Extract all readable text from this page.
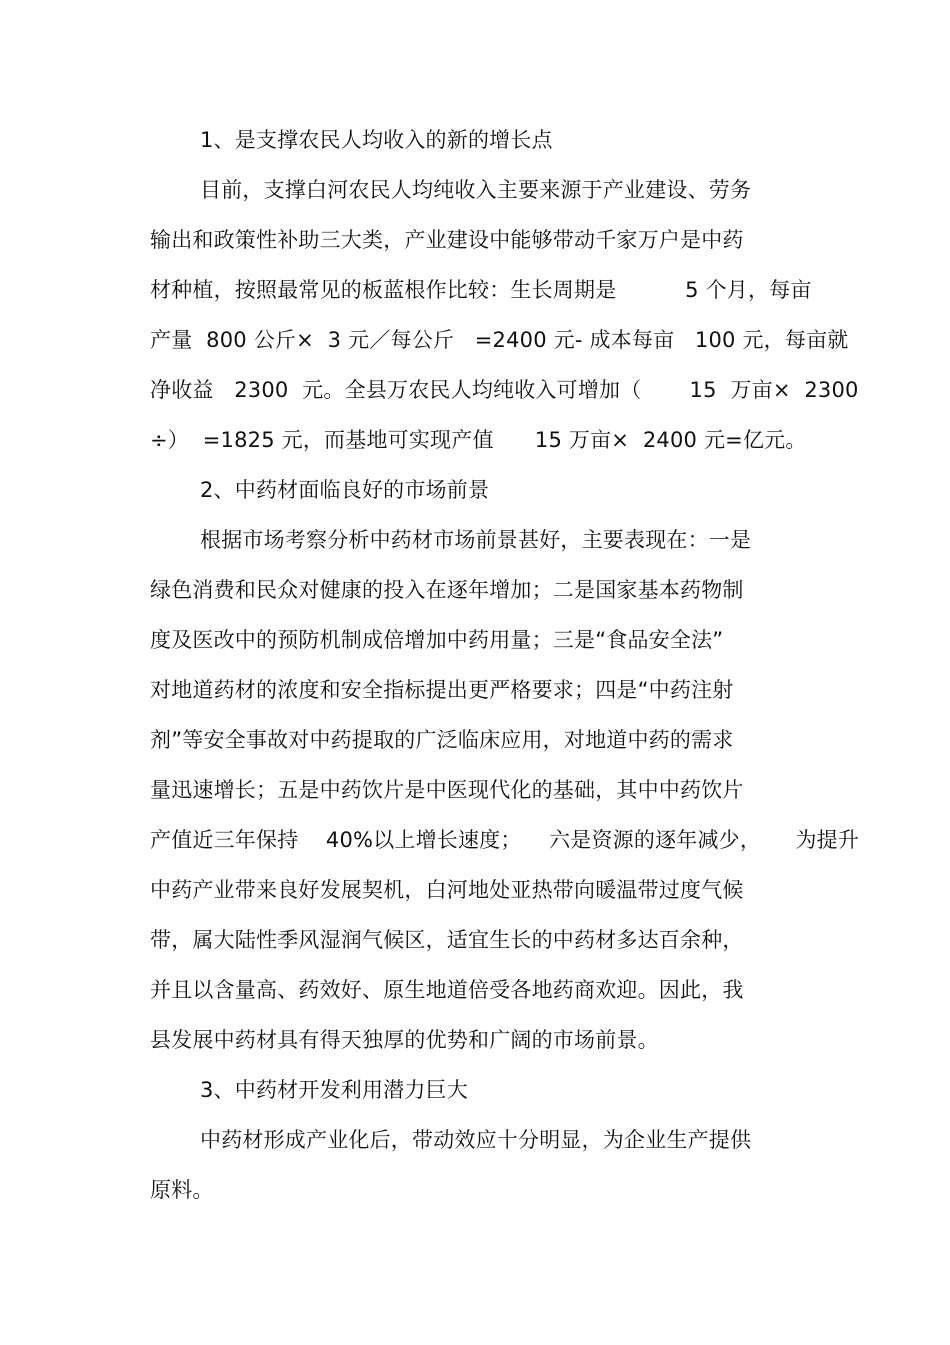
1、是支撑农民人均收入的新的增长点
目前，支撑白河农民人均纯收入主要来源于产业建设、劳务
输出和政策性补助三大类，产业建设中能够带动千家万户是中药
材种植，按照最常见的板蓝根作比较：生长周期是          5 个月，每亩
产量  800 公斤×  3 元／每公斤   =2400 元- 成本每亩   100 元，每亩就
净收益   2300  元。全县万农民人均纯收入可增加（       15  万亩×  2300
÷）  =1825 元，而基地可实现产值      15 万亩×  2400 元=亿元。
2、中药材面临良好的市场前景
根据市场考察分析中药材市场前景甚好，主要表现在：一是
绿色消费和民众对健康的投入在逐年增加；二是国家基本药物制
度及医改中的预防机制成倍增加中药用量；三是“食品安全法”
对地道药材的浓度和安全指标提出更严格要求；四是“中药注射
剂”等安全事故对中药提取的广泛临床应用，对地道中药的需求
量迅速增长；五是中药饮片是中医现代化的基础，其中中药饮片
产值近三年保持    40%以上增长速度；    六是资源的逐年减少，     为提升
中药产业带来良好发展契机，白河地处亚热带向暖温带过度气候
带，属大陆性季风湿润气候区，适宜生长的中药材多达百余种，
并且以含量高、药效好、原生地道倍受各地药商欢迎。因此，我
县发展中药材具有得天独厚的优势和广阔的市场前景。
3、中药材开发利用潜力巨大
中药材形成产业化后，带动效应十分明显，为企业生产提供
原料。
